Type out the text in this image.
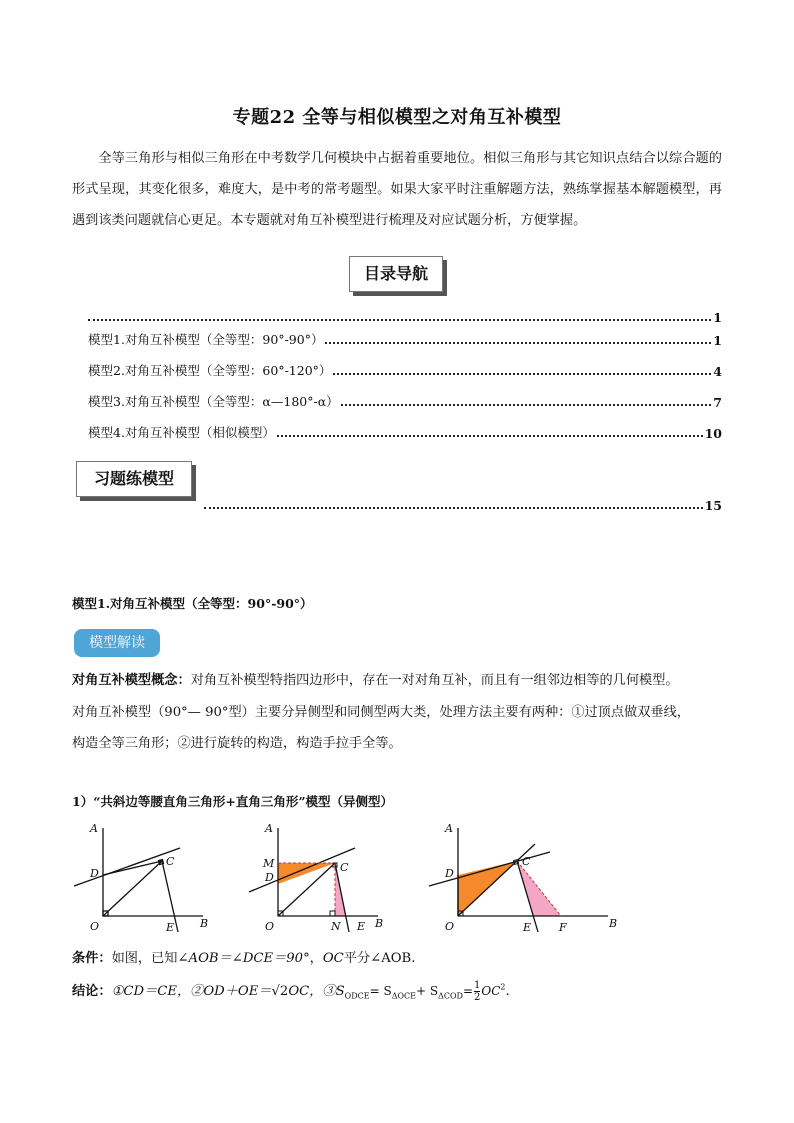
专题22 全等与相似模型之对角互补模型
全等三角形与相似三角形在中考数学几何模块中占据着重要地位。相似三角形与其它知识点结合以综合题的形式呈现，其变化很多，难度大，是中考的常考题型。如果大家平时注重解题方法，熟练掌握基本解题模型，再遇到该类问题就信心更足。本专题就对角互补模型进行梳理及对应试题分析，方便掌握。
目录导航
1
模型1.对角互补模型（全等型：90°-90°）	1
模型2.对角互补模型（全等型：60°-120°）	4
模型3.对角互补模型（全等型：α—180°-α）	7
模型4.对角互补模型（相似模型）	10
习题练模型
15
模型1.对角互补模型（全等型：90°-90°）
模型解读
对角互补模型概念：对角互补模型特指四边形中，存在一对对角互补，而且有一组邻边相等的几何模型。
对角互补模型（90°— 90°型）主要分异侧型和同侧型两大类，处理方法主要有两种：①过顶点做双垂线，
构造全等三角形；②进行旋转的构造，构造手拉手全等。
1）“共斜边等腰直角三角形+直角三角形”模型（异侧型）
A
D
C
O	E B
A
M
D
C
O	N E B
A
D
C
O	E	F	B
条件：如图，已知∠AOB＝∠DCE＝90°，OC平分∠AOB.
结论：①CD＝CE，②OD＋OE＝√2OC，$③S_{ODCE}= S_{\Delta OCE}+ S_{\Delta COD}= \frac{1}{2} OC^2$.
